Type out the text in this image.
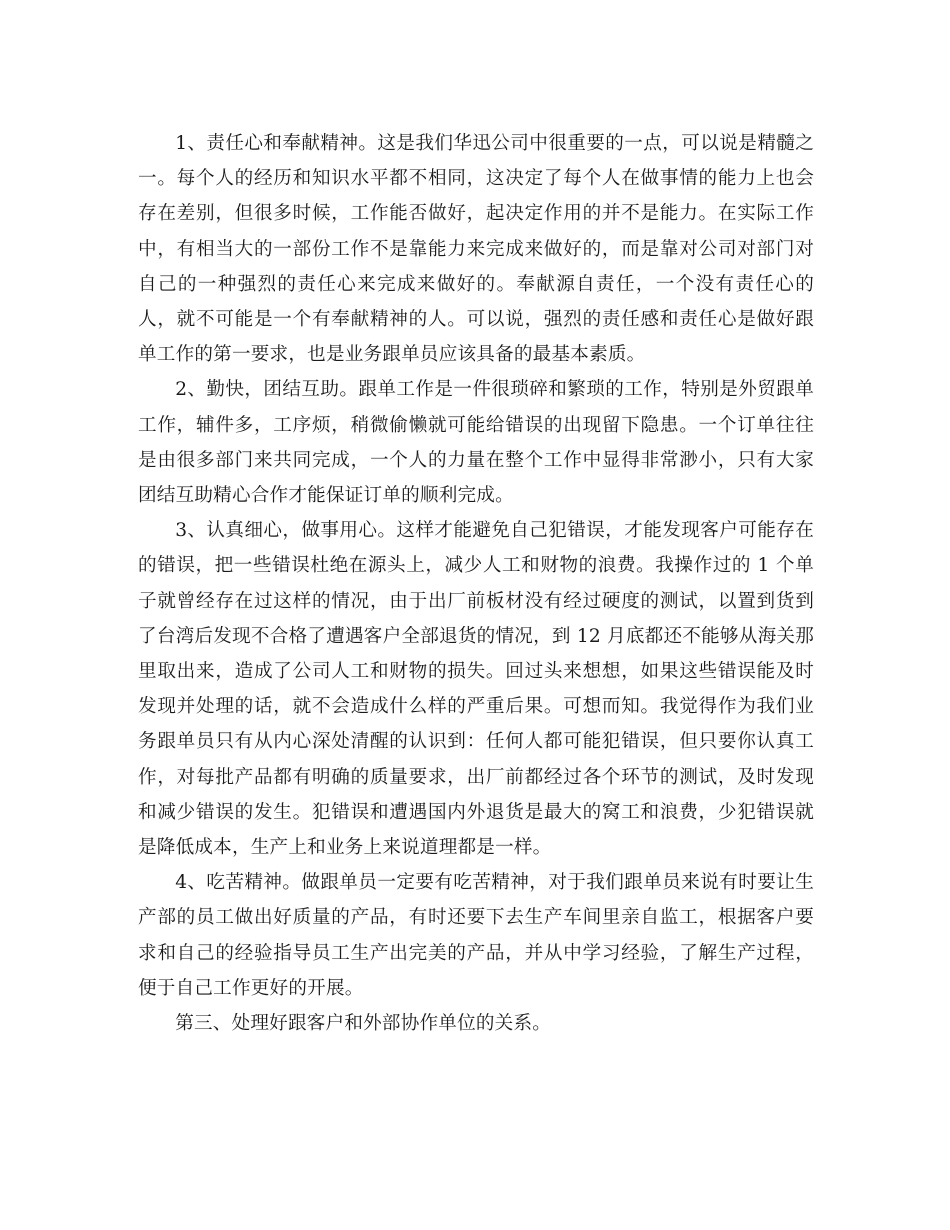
1、责任心和奉献精神。这是我们华迅公司中很重要的一点，可以说是精髓之一。每个人的经历和知识水平都不相同，这决定了每个人在做事情的能力上也会存在差别，但很多时候，工作能否做好，起决定作用的并不是能力。在实际工作中，有相当大的一部份工作不是靠能力来完成来做好的，而是靠对公司对部门对自己的一种强烈的责任心来完成来做好的。奉献源自责任，一个没有责任心的人，就不可能是一个有奉献精神的人。可以说，强烈的责任感和责任心是做好跟单工作的第一要求，也是业务跟单员应该具备的最基本素质。

2、勤快，团结互助。跟单工作是一件很琐碎和繁琐的工作，特别是外贸跟单工作，辅件多，工序烦，稍微偷懒就可能给错误的出现留下隐患。一个订单往往是由很多部门来共同完成，一个人的力量在整个工作中显得非常渺小，只有大家团结互助精心合作才能保证订单的顺利完成。

3、认真细心，做事用心。这样才能避免自己犯错误，才能发现客户可能存在的错误，把一些错误杜绝在源头上，减少人工和财物的浪费。我操作过的 1 个单子就曾经存在过这样的情况，由于出厂前板材没有经过硬度的测试，以置到货到了台湾后发现不合格了遭遇客户全部退货的情况，到 12 月底都还不能够从海关那里取出来，造成了公司人工和财物的损失。回过头来想想，如果这些错误能及时发现并处理的话，就不会造成什么样的严重后果。可想而知。我觉得作为我们业务跟单员只有从内心深处清醒的认识到：任何人都可能犯错误，但只要你认真工作，对每批产品都有明确的质量要求，出厂前都经过各个环节的测试，及时发现和减少错误的发生。犯错误和遭遇国内外退货是最大的窝工和浪费，少犯错误就是降低成本，生产上和业务上来说道理都是一样。

4、吃苦精神。做跟单员一定要有吃苦精神，对于我们跟单员来说有时要让生产部的员工做出好质量的产品，有时还要下去生产车间里亲自监工，根据客户要求和自己的经验指导员工生产出完美的产品，并从中学习经验，了解生产过程，便于自己工作更好的开展。

第三、处理好跟客户和外部协作单位的关系。
